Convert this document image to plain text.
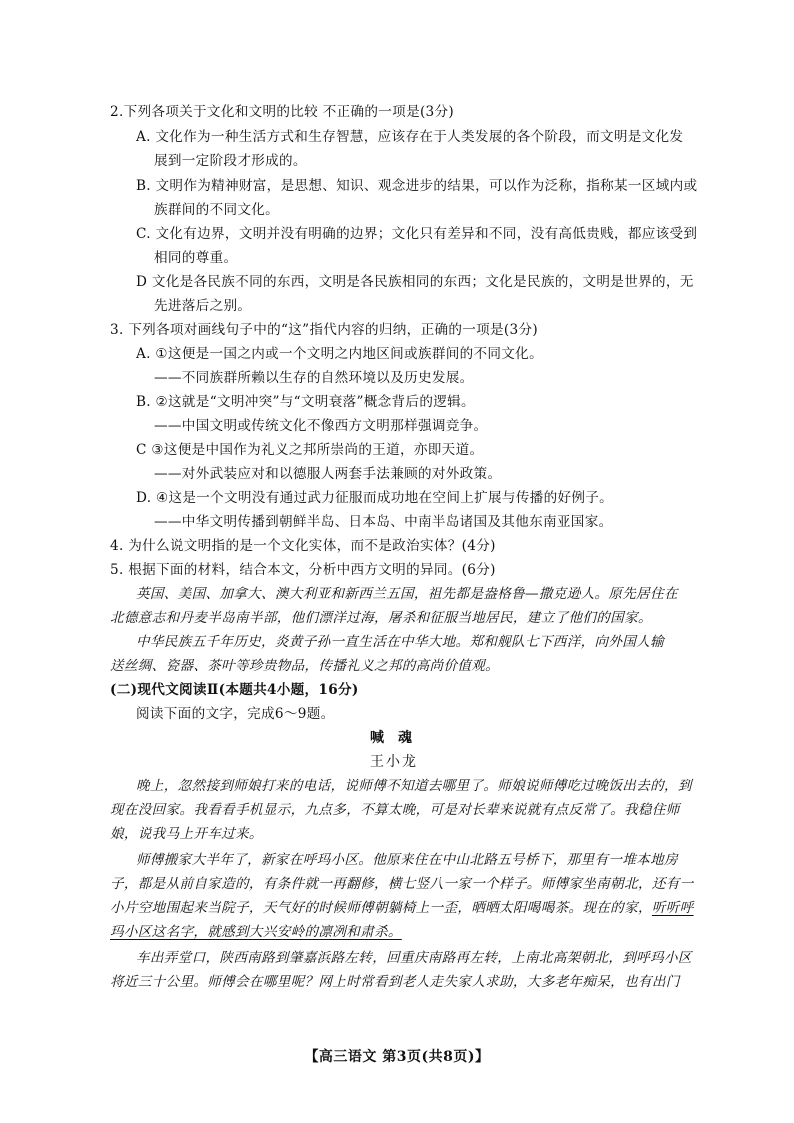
2.下列各项关于文化和文明的比较 不正确的一项是(3分)
A. 文化作为一种生活方式和生存智慧，应该存在于人类发展的各个阶段，而文明是文化发
展到一定阶段才形成的。
B. 文明作为精神财富，是思想、知识、观念进步的结果，可以作为泛称，指称某一区域内或
族群间的不同文化。
C. 文化有边界，文明并没有明确的边界；文化只有差异和不同，没有高低贵贱，都应该受到
相同的尊重。
D 文化是各民族不同的东西，文明是各民族相同的东西；文化是民族的，文明是世界的，无
先进落后之别。
3. 下列各项对画线句子中的“这”指代内容的归纳，正确的一项是(3分)
A. ①这便是一国之内或一个文明之内地区间或族群间的不同文化。
——不同族群所赖以生存的自然环境以及历史发展。
B. ②这就是“文明冲突”与“文明衰落”概念背后的逻辑。
——中国文明或传统文化不像西方文明那样强调竞争。
C ③这便是中国作为礼义之邦所崇尚的王道，亦即天道。
——对外武装应对和以德服人两套手法兼顾的对外政策。
D. ④这是一个文明没有通过武力征服而成功地在空间上扩展与传播的好例子。
——中华文明传播到朝鲜半岛、日本岛、中南半岛诸国及其他东南亚国家。
4. 为什么说文明指的是一个文化实体，而不是政治实体？(4分)
5. 根据下面的材料，结合本文，分析中西方文明的异同。(6分)
英国、美国、加拿大、澳大利亚和新西兰五国，祖先都是盎格鲁—撒克逊人。原先居住在
北德意志和丹麦半岛南半部，他们漂洋过海，屠杀和征服当地居民，建立了他们的国家。
中华民族五千年历史，炎黄子孙一直生活在中华大地。郑和舰队七下西洋，向外国人输
送丝绸、瓷器、茶叶等珍贵物品，传播礼义之邦的高尚价值观。
(二)现代文阅读Ⅱ(本题共4小题，16分)
阅读下面的文字，完成6～9题。
喊魂
王小龙
晚上，忽然接到师娘打来的电话，说师傅不知道去哪里了。师娘说师傅吃过晚饭出去的，到
现在没回家。我看看手机显示，九点多，不算太晚，可是对长辈来说就有点反常了。我稳住师
娘，说我马上开车过来。
师傅搬家大半年了，新家在呼玛小区。他原来住在中山北路五号桥下，那里有一堆本地房
子，都是从前自家造的，有条件就一再翻修，横七竖八一家一个样子。师傅家坐南朝北，还有一
小片空地围起来当院子，天气好的时候师傅朝躺椅上一歪，晒晒太阳喝喝茶。现在的家，听听呼
玛小区这名字，就感到大兴安岭的凛冽和肃杀。
车出弄堂口，陕西南路到肇嘉浜路左转，回重庆南路再左转，上南北高架朝北，到呼玛小区
将近三十公里。师傅会在哪里呢？网上时常看到老人走失家人求助，大多老年痴呆，也有出门
【高三语文 第3页(共8页)】
